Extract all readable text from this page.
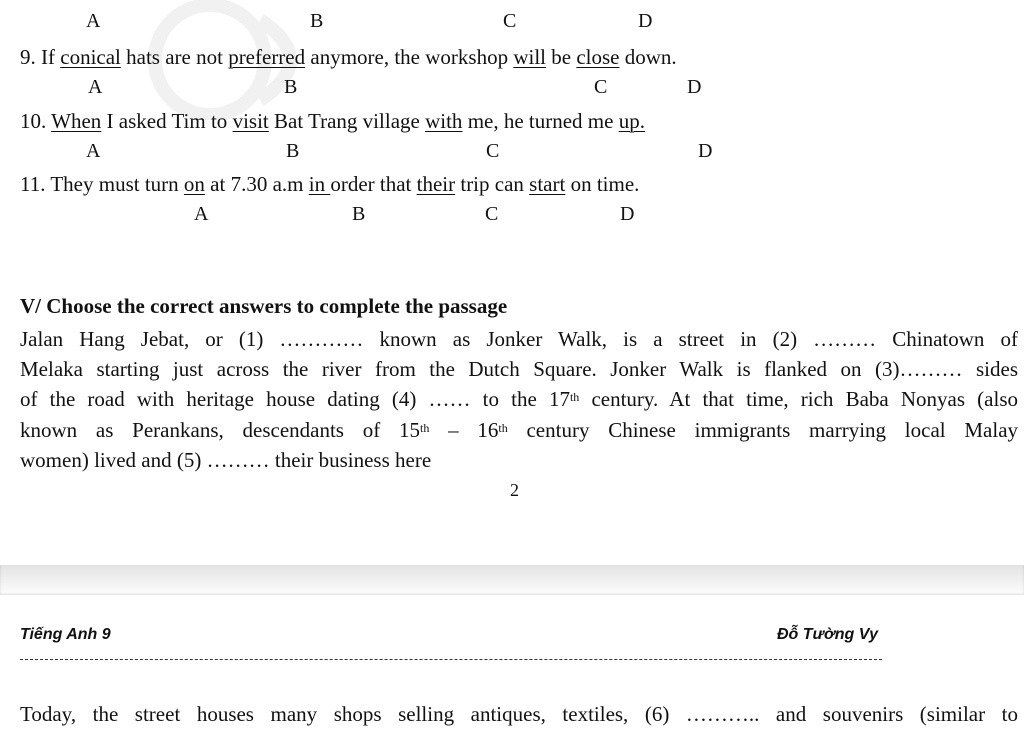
A	B	C	D
9. If conical hats are not preferred anymore, the workshop will be close down.
A	B	C	D
10. When I asked Tim to visit Bat Trang village with me, he turned me up.
A	B	C	D
11. They must turn on at 7.30 a.m in order that their trip can start on time.
A	B	C	D
V/ Choose the correct answers to complete the passage
Jalan Hang Jebat, or (1) ………… known as Jonker Walk, is a street in (2) ……… Chinatown of
Melaka starting just across the river from the Dutch Square. Jonker Walk is flanked on (3)……… sides
of the road with heritage house dating (4) …… to the 17th century. At that time, rich Baba Nonyas (also
known as Perankans, descendants of 15th – 16th century Chinese immigrants marrying local Malay
women) lived and (5) ……… their business here
2
Tiếng Anh 9	Đỗ Tường Vy
Today, the street houses many shops selling antiques, textiles, (6) ……….. and souvenirs (similar to
